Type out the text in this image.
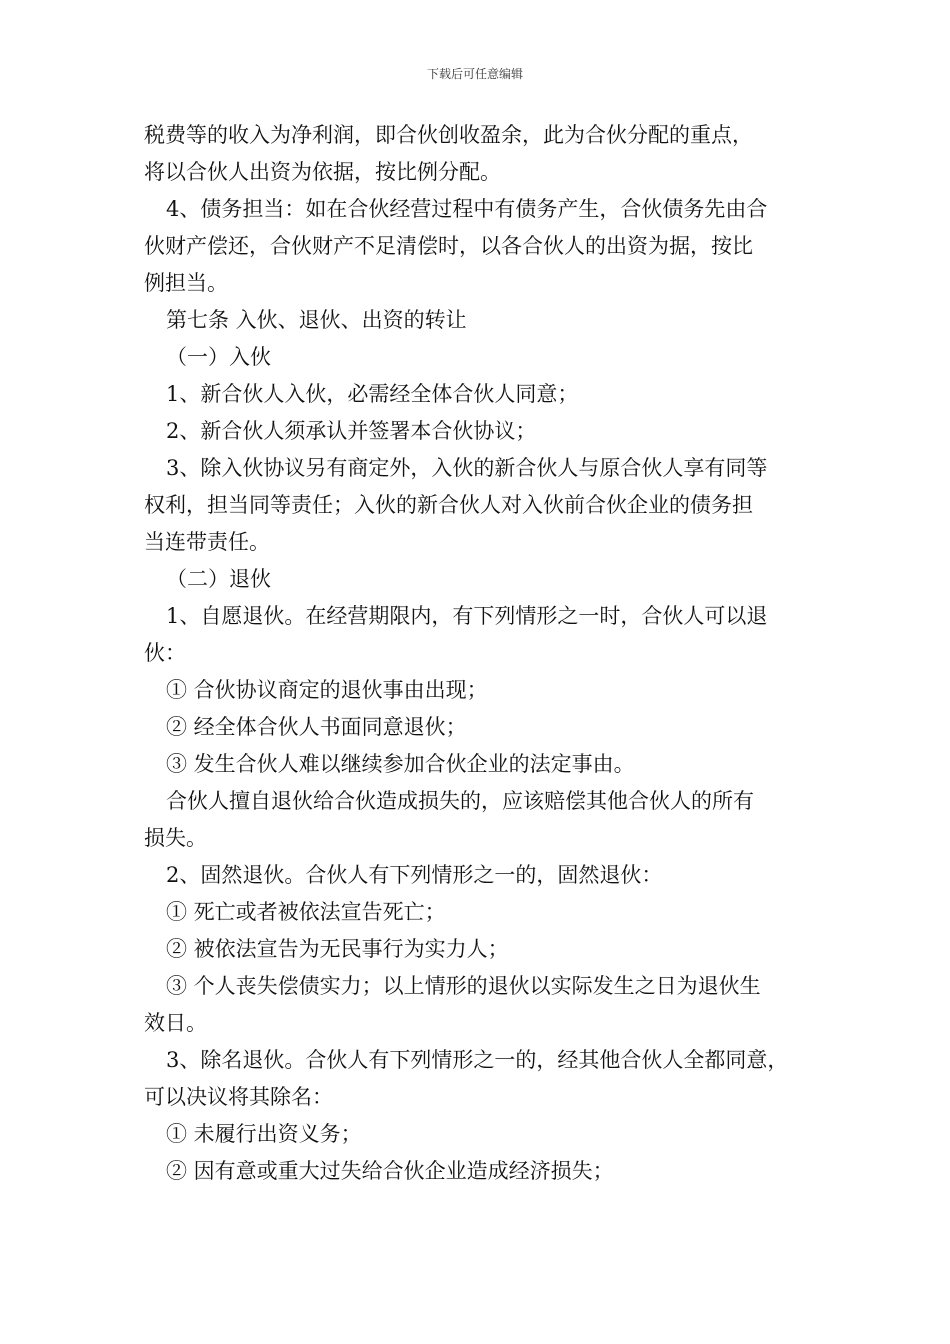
下载后可任意编辑
税费等的收入为净利润，即合伙创收盈余，此为合伙分配的重点，
将以合伙人出资为依据，按比例分配。
4、债务担当：如在合伙经营过程中有债务产生，合伙债务先由合
伙财产偿还，合伙财产不足清偿时，以各合伙人的出资为据，按比
例担当。
第七条 入伙、退伙、出资的转让
（一）入伙
1、新合伙人入伙，必需经全体合伙人同意；
2、新合伙人须承认并签署本合伙协议；
3、除入伙协议另有商定外，入伙的新合伙人与原合伙人享有同等
权利，担当同等责任；入伙的新合伙人对入伙前合伙企业的债务担
当连带责任。
（二）退伙
1、自愿退伙。在经营期限内，有下列情形之一时，合伙人可以退
伙：
① 合伙协议商定的退伙事由出现；
② 经全体合伙人书面同意退伙；
③ 发生合伙人难以继续参加合伙企业的法定事由。
合伙人擅自退伙给合伙造成损失的，应该赔偿其他合伙人的所有
损失。
2、固然退伙。合伙人有下列情形之一的，固然退伙：
① 死亡或者被依法宣告死亡；
② 被依法宣告为无民事行为实力人；
③ 个人丧失偿债实力；以上情形的退伙以实际发生之日为退伙生
效日。
3、除名退伙。合伙人有下列情形之一的，经其他合伙人全都同意，
可以决议将其除名：
① 未履行出资义务；
② 因有意或重大过失给合伙企业造成经济损失；
